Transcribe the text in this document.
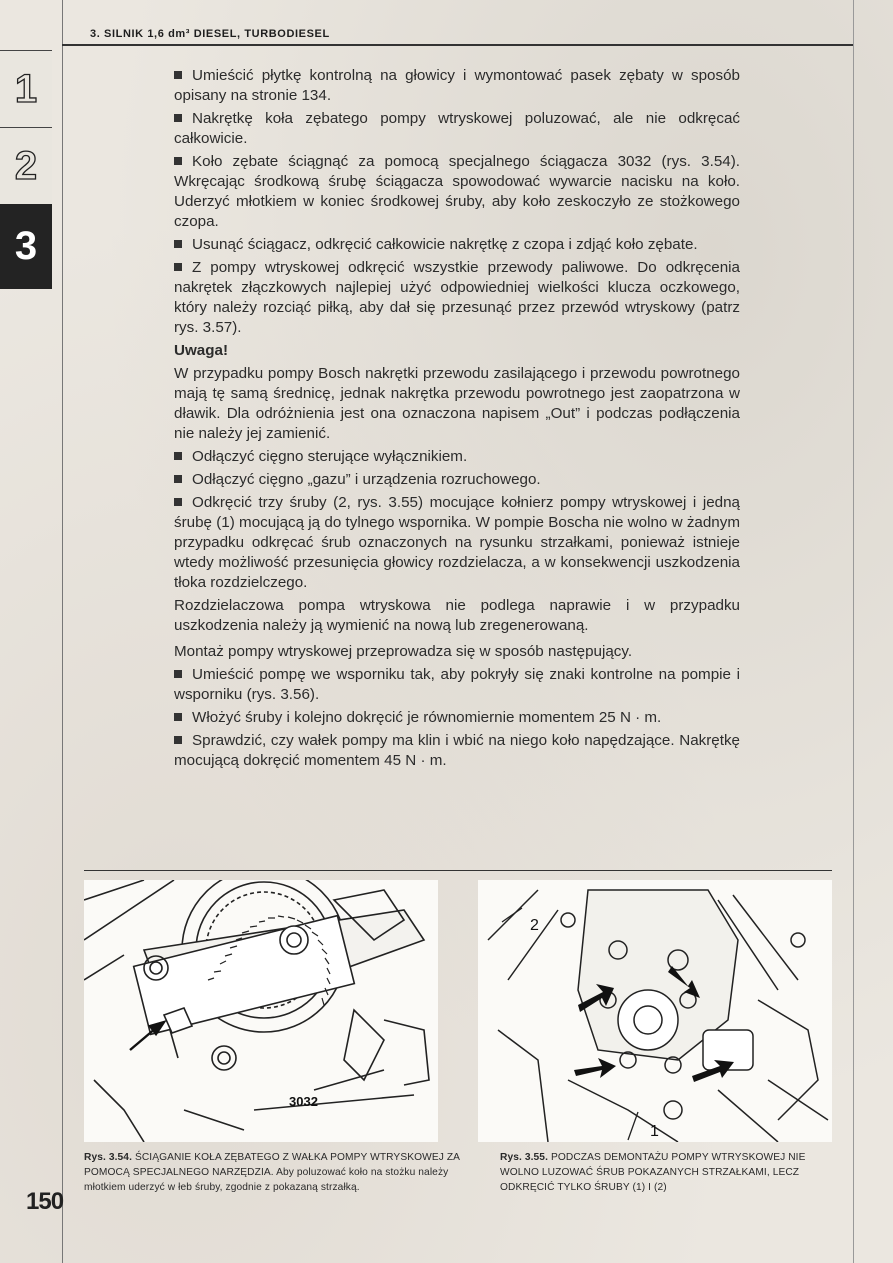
3. SILNIK 1,6 dm³ DIESEL, TURBODIESEL
1
2
3

Umieścić płytkę kontrolną na głowicy i wymontować pasek zębaty w sposób opisany na stronie 134.

Nakrętkę koła zębatego pompy wtryskowej poluzować, ale nie odkręcać całkowicie.

Koło zębate ściągnąć za pomocą specjalnego ściągacza 3032 (rys. 3.54). Wkręcając środkową śrubę ściągacza spowodować wywarcie nacisku na koło. Uderzyć młotkiem w koniec środkowej śruby, aby koło zeskoczyło ze stożkowego czopa.

Usunąć ściągacz, odkręcić całkowicie nakrętkę z czopa i zdjąć koło zębate.

Z pompy wtryskowej odkręcić wszystkie przewody paliwowe. Do odkręcenia nakrętek złączkowych najlepiej użyć odpowiedniej wielkości klucza oczkowego, który należy rozciąć piłką, aby dał się przesunąć przez przewód wtryskowy (patrz rys. 3.57).

Uwaga!

W przypadku pompy Bosch nakrętki przewodu zasilającego i przewodu powrotnego mają tę samą średnicę, jednak nakrętka przewodu powrotnego jest zaopatrzona w dławik. Dla odróżnienia jest ona oznaczona napisem „Out” i podczas podłączenia nie należy jej zamienić.

Odłączyć cięgno sterujące wyłącznikiem.

Odłączyć cięgno „gazu” i urządzenia rozruchowego.

Odkręcić trzy śruby (2, rys. 3.55) mocujące kołnierz pompy wtryskowej i jedną śrubę (1) mocującą ją do tylnego wspornika. W pompie Boscha nie wolno w żadnym przypadku odkręcać śrub oznaczonych na rysunku strzałkami, ponieważ istnieje wtedy możliwość przesunięcia głowicy rozdzielacza, a w konsekwencji uszkodzenia tłoka rozdzielczego.

Rozdzielaczowa pompa wtryskowa nie podlega naprawie i w przypadku uszkodzenia należy ją wymienić na nową lub zregenerowaną.

Montaż pompy wtryskowej przeprowadza się w sposób następujący.

Umieścić pompę we wsporniku tak, aby pokryły się znaki kontrolne na pompie i wsporniku (rys. 3.56).

Włożyć śruby i kolejno dokręcić je równomiernie momentem 25 N · m.

Sprawdzić, czy wałek pompy ma klin i wbić na niego koło napędzające. Nakrętkę mocującą dokręcić momentem 45 N · m.

3032
2
1
Rys. 3.54. ŚCIĄGANIE KOŁA ZĘBATEGO Z WAŁKA POMPY WTRYSKOWEJ ZA POMOCĄ SPECJALNEGO NARZĘDZIA. Aby poluzować koło na stożku należy młotkiem uderzyć w łeb śruby, zgodnie z pokazaną strzałką.
Rys. 3.55. PODCZAS DEMONTAŻU POMPY WTRYSKOWEJ NIE WOLNO LUZOWAĆ ŚRUB POKAZANYCH STRZAŁKAMI, LECZ ODKRĘCIĆ TYLKO ŚRUBY (1) I (2)
150
